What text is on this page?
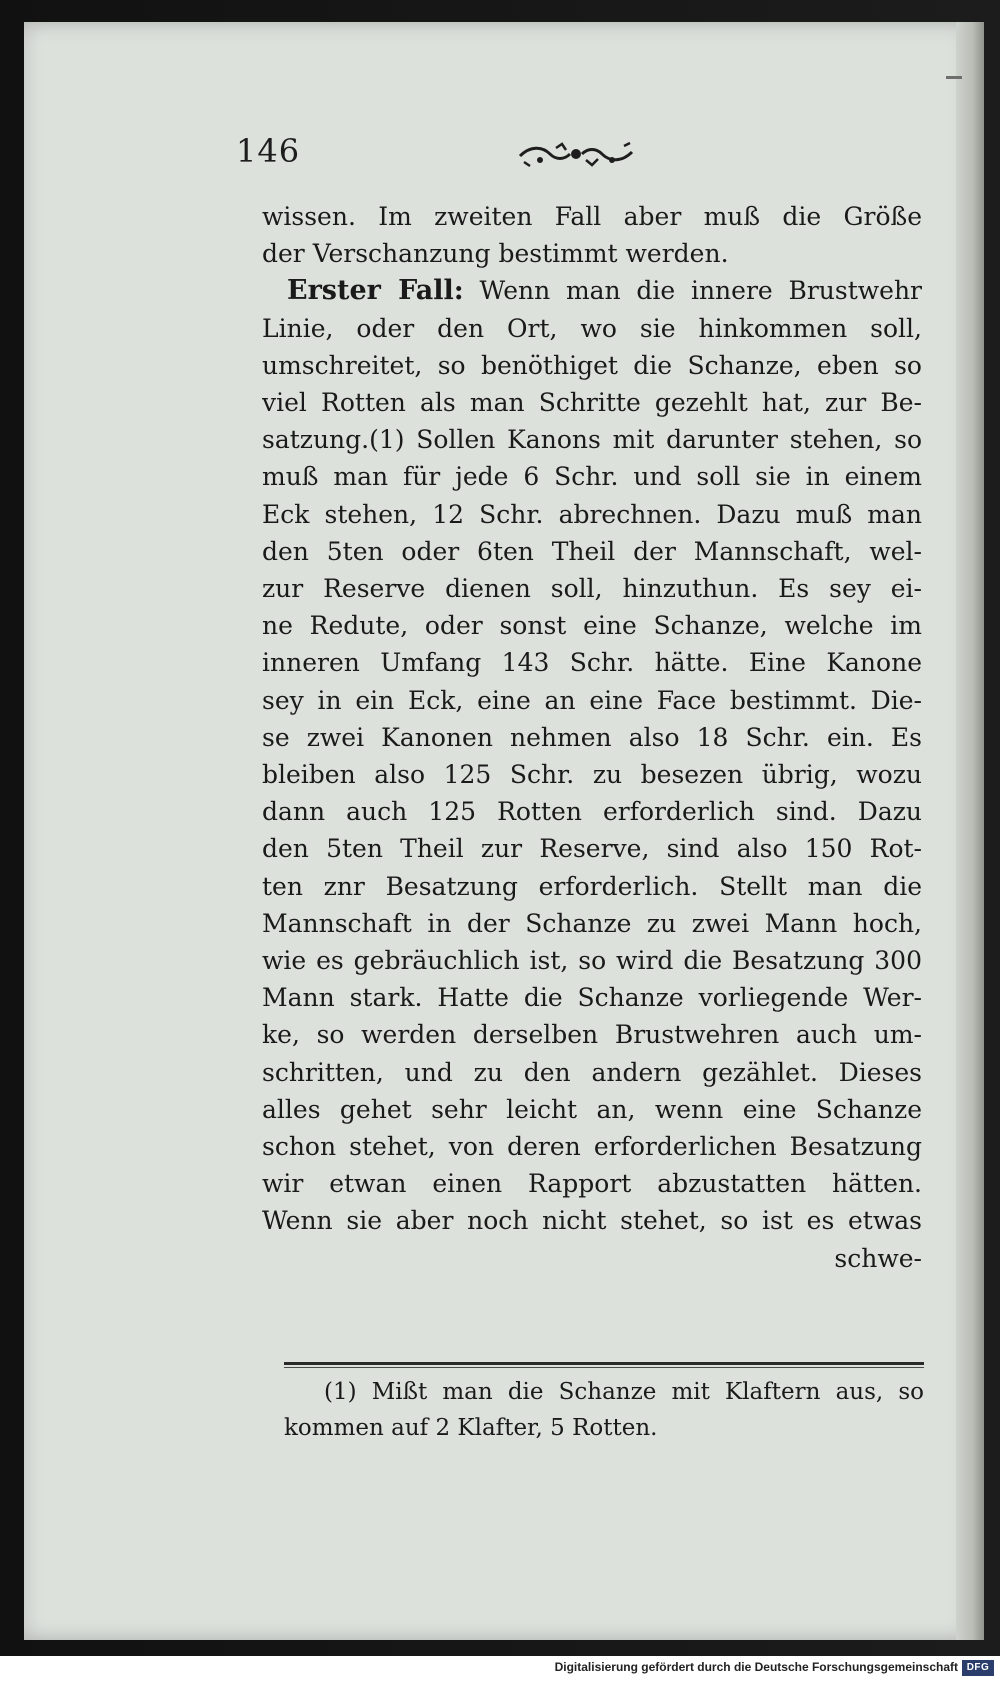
146
wissen. Im zweiten Fall aber muß die Größe
der Verschanzung bestimmt werden.
 Erster Fall: Wenn man die innere Brustwehr
Linie, oder den Ort, wo sie hinkommen soll,
umschreitet, so benöthiget die Schanze, eben so
viel Rotten als man Schritte gezehlt hat, zur Be-
satzung.(1) Sollen Kanons mit darunter stehen, so
muß man für jede 6 Schr. und soll sie in einem
Eck stehen, 12 Schr. abrechnen. Dazu muß man
den 5ten oder 6ten Theil der Mannschaft, wel-
zur Reserve dienen soll, hinzuthun. Es sey ei-
ne Redute, oder sonst eine Schanze, welche im
inneren Umfang 143 Schr. hätte. Eine Kanone
sey in ein Eck, eine an eine Face bestimmt. Die-
se zwei Kanonen nehmen also 18 Schr. ein. Es
bleiben also 125 Schr. zu besezen übrig, wozu
dann auch 125 Rotten erforderlich sind. Dazu
den 5ten Theil zur Reserve, sind also 150 Rot-
ten znr Besatzung erforderlich. Stellt man die
Mannschaft in der Schanze zu zwei Mann hoch,
wie es gebräuchlich ist, so wird die Besatzung 300
Mann stark. Hatte die Schanze vorliegende Wer-
ke, so werden derselben Brustwehren auch um-
schritten, und zu den andern gezählet. Dieses
alles gehet sehr leicht an, wenn eine Schanze
schon stehet, von deren erforderlichen Besatzung
wir etwan einen Rapport abzustatten hätten.
Wenn sie aber noch nicht stehet, so ist es etwas
schwe-
(1) Mißt man die Schanze mit Klaftern aus, so
kommen auf 2 Klafter, 5 Rotten.
Digitalisierung gefördert durch die Deutsche Forschungsgemeinschaft DFG
